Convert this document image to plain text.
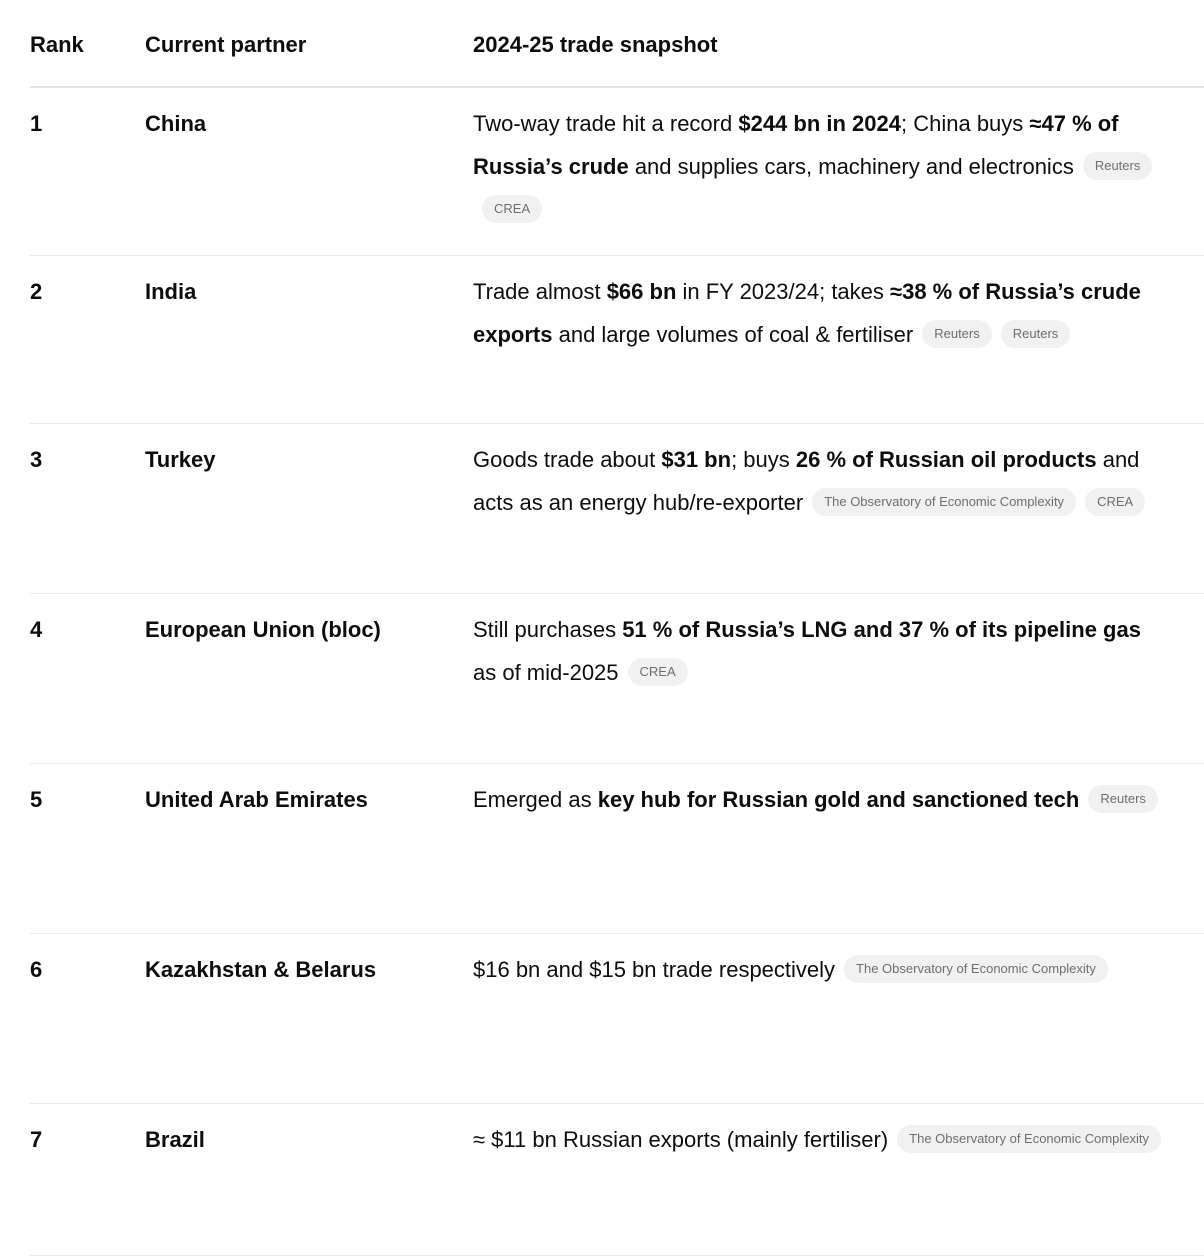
Rank	Current partner	2024-25 trade snapshot
1	China	Two-way trade hit a record $244 bn in 2024; China buys ≈47 % of Russia’s crude and supplies cars, machinery and electronics ReutersCREA
2	India	Trade almost $66 bn in FY 2023/24; takes ≈38 % of Russia’s crude exports and large volumes of coal & fertiliser Reuters Reuters
3	Turkey	Goods trade about $31 bn; buys 26 % of Russian oil products and acts as an energy hub/re-exporter The Observatory of Economic Complexity CREA
4	European Union (bloc)	Still purchases 51 % of Russia’s LNG and 37 % of its pipeline gas as of mid-2025 CREA
5	United Arab Emirates	Emerged as key hub for Russian gold and sanctioned tech Reuters
6	Kazakhstan & Belarus	$16 bn and $15 bn trade respectively The Observatory of Economic Complexity
7	Brazil	≈ $11 bn Russian exports (mainly fertiliser) The Observatory of Economic Complexity
